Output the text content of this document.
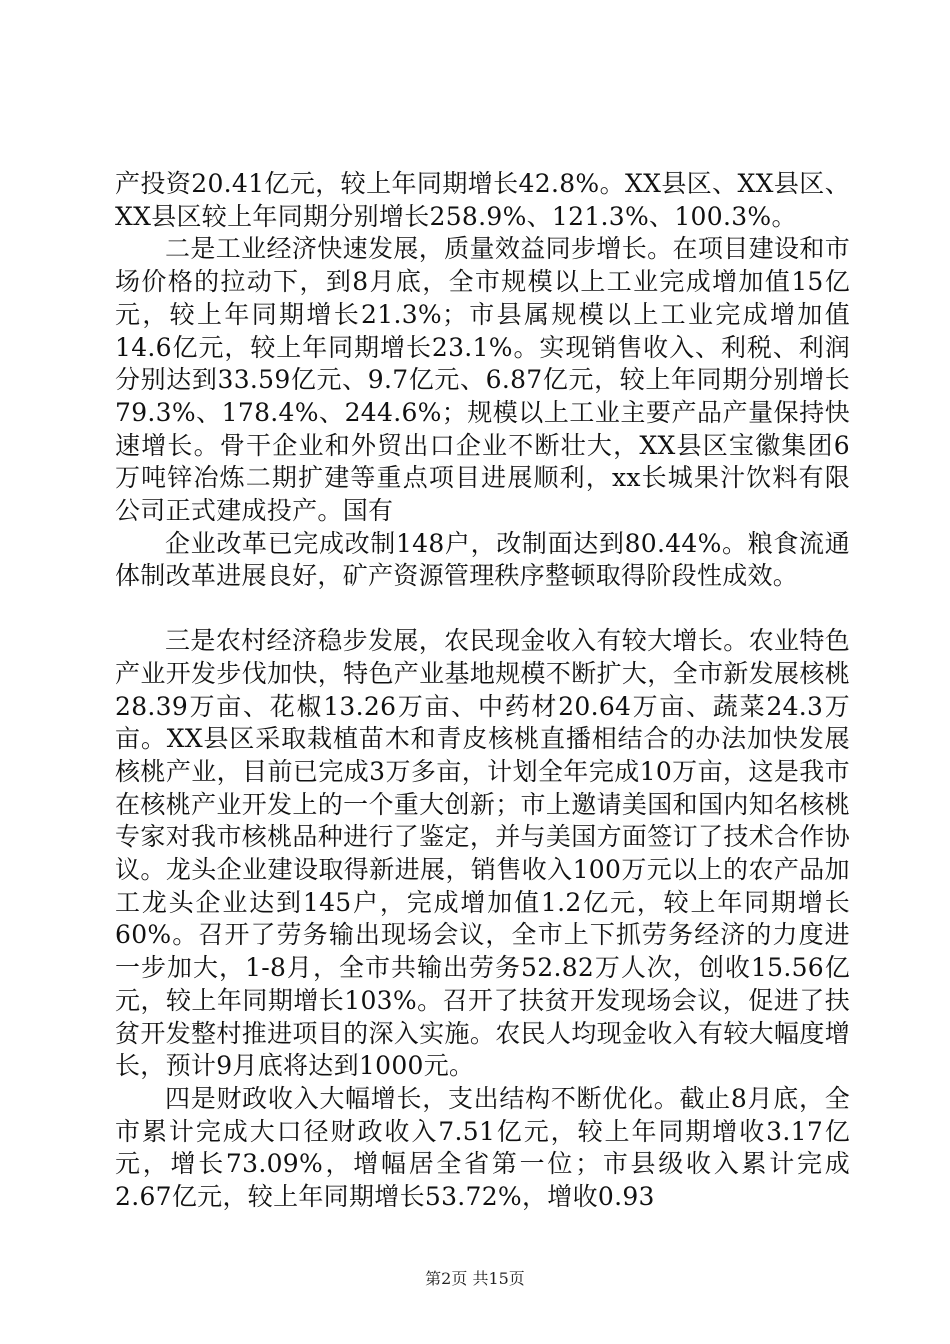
产投资20.41亿元，较上年同期增长42.8%。XX县区、XX县区、XX县区较上年同期分别增长258.9%、121.3%、100.3%。

二是工业经济快速发展，质量效益同步增长。在项目建设和市场价格的拉动下，到8月底，全市规模以上工业完成增加值15亿元，较上年同期增长21.3%；市县属规模以上工业完成增加值14.6亿元，较上年同期增长23.1%。实现销售收入、利税、利润分别达到33.59亿元、9.7亿元、6.87亿元，较上年同期分别增长79.3%、178.4%、244.6%；规模以上工业主要产品产量保持快速增长。骨干企业和外贸出口企业不断壮大，XX县区宝徽集团6万吨锌冶炼二期扩建等重点项目进展顺利，xx长城果汁饮料有限公司正式建成投产。国有

企业改革已完成改制148户，改制面达到80.44%。粮食流通体制改革进展良好，矿产资源管理秩序整顿取得阶段性成效。

三是农村经济稳步发展，农民现金收入有较大增长。农业特色产业开发步伐加快，特色产业基地规模不断扩大，全市新发展核桃28.39万亩、花椒13.26万亩、中药材20.64万亩、蔬菜24.3万亩。XX县区采取栽植苗木和青皮核桃直播相结合的办法加快发展核桃产业，目前已完成3万多亩，计划全年完成10万亩，这是我市在核桃产业开发上的一个重大创新；市上邀请美国和国内知名核桃专家对我市核桃品种进行了鉴定，并与美国方面签订了技术合作协议。龙头企业建设取得新进展，销售收入100万元以上的农产品加工龙头企业达到145户，完成增加值1.2亿元，较上年同期增长60%。召开了劳务输出现场会议，全市上下抓劳务经济的力度进一步加大，1-8月，全市共输出劳务52.82万人次，创收15.56亿元，较上年同期增长103%。召开了扶贫开发现场会议，促进了扶贫开发整村推进项目的深入实施。农民人均现金收入有较大幅度增长，预计9月底将达到1000元。

四是财政收入大幅增长，支出结构不断优化。截止8月底，全市累计完成大口径财政收入7.51亿元，较上年同期增收3.17亿元，增长73.09%，增幅居全省第一位；市县级收入累计完成2.67亿元，较上年同期增长53.72%，增收0.93

第2页 共15页
